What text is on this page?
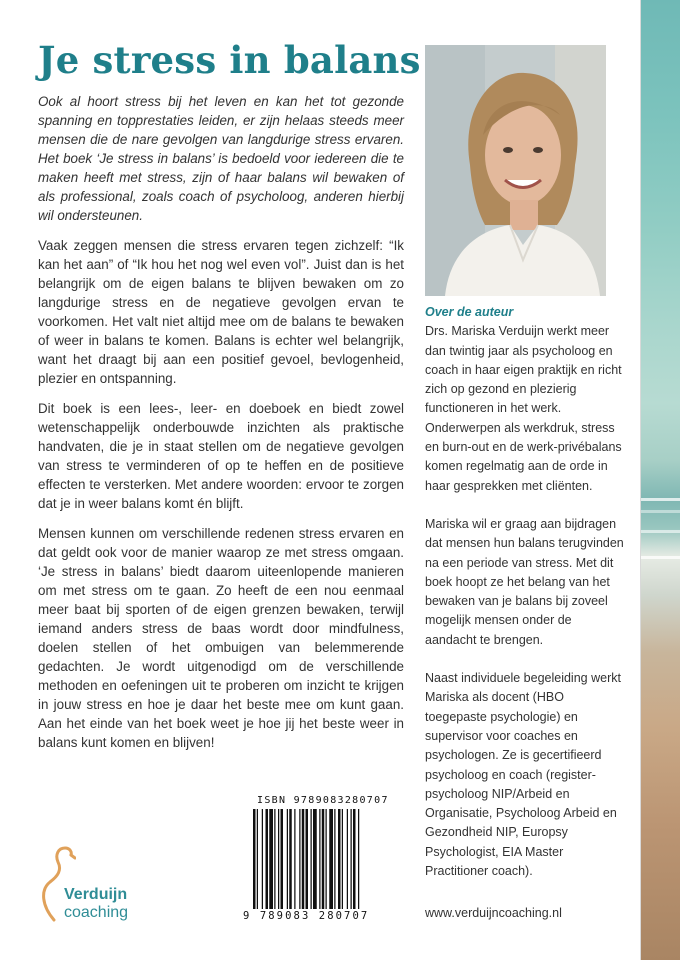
Je stress in balans

Ook al hoort stress bij het leven en kan het tot gezonde spanning en topprestaties leiden, er zijn helaas steeds meer mensen die de nare gevolgen van langdurige stress ervaren. Het boek ‘Je stress in balans’ is bedoeld voor iedereen die te maken heeft met stress, zijn of haar balans wil bewaken of als professional, zoals coach of psycholoog, anderen hierbij wil ondersteunen.

Vaak zeggen mensen die stress ervaren tegen zichzelf: “Ik kan het aan” of “Ik hou het nog wel even vol”. Juist dan is het belangrijk om de eigen balans te blijven bewaken om zo langdurige stress en de negatieve gevolgen ervan te voorkomen. Het valt niet altijd mee om de balans te bewaken of weer in balans te komen. Balans is echter wel belangrijk, want het draagt bij aan een positief gevoel, bevlogenheid, plezier en ontspanning.

Dit boek is een lees-, leer- en doeboek en biedt zowel wetenschappelijk onderbouwde inzichten als praktische handvaten, die je in staat stellen om de negatieve gevolgen van stress te verminderen of op te heffen en de positieve effecten te versterken. Met andere woorden: ervoor te zorgen dat je in weer balans komt én blijft.

Mensen kunnen om verschillende redenen stress ervaren en dat geldt ook voor de manier waarop ze met stress omgaan. ‘Je stress in balans’ biedt daarom uiteenlopende manieren om met stress om te gaan. Zo heeft de een nou eenmaal meer baat bij sporten of de eigen grenzen bewaken, terwijl iemand anders stress de baas wordt door mindfulness, doelen stellen of het ombuigen van belemmerende gedachten. Je wordt uitgenodigd om de verschillende methoden en oefeningen uit te proberen om inzicht te krijgen in jouw stress en hoe je daar het beste mee om kunt gaan. Aan het einde van het boek weet je hoe jij het beste weer in balans kunt komen en blijven!

Over de auteur

Drs. Mariska Verduijn werkt meer dan twintig jaar als psycholoog en coach in haar eigen praktijk en richt zich op gezond en plezierig functioneren in het werk. Onderwerpen als werkdruk, stress en burn-out en de werk-privébalans komen regelmatig aan de orde in haar gesprekken met cliënten.

Mariska wil er graag aan bijdragen dat mensen hun balans terugvinden na een periode van stress. Met dit boek hoopt ze het belang van het bewaken van je balans bij zoveel mogelijk mensen onder de aandacht te brengen.

Naast individuele begeleiding werkt Mariska als docent (HBO toegepaste psychologie) en supervisor voor coaches en psychologen. Ze is gecertifieerd psycholoog en coach (register-psycholoog NIP/Arbeid en Organisatie, Psycholoog Arbeid en Gezondheid NIP, Europsy Psychologist, EIA Master Practitioner coach).

www.verduijncoaching.nl
ISBN 9789083280707
9 789083 280707
Verduijn
coaching
